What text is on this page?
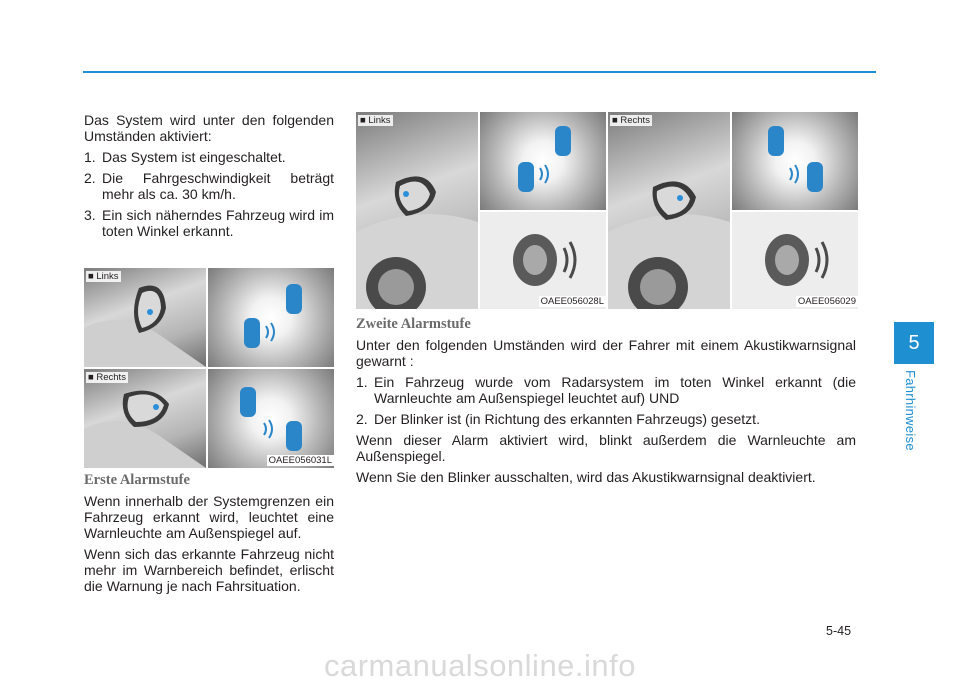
5
Fahrhinweise

Das System wird unter den folgenden Umständen aktiviert:

1. Das System ist eingeschaltet.
2. Die Fahrgeschwindigkeit beträgt mehr als ca. 30 km/h.
3. Ein sich näherndes Fahrzeug wird im toten Winkel erkannt.
■ Links
■ Rechts
OAEE056031L
Erste Alarmstufe

Wenn innerhalb der Systemgrenzen ein Fahrzeug erkannt wird, leuchtet eine Warnleuchte am Außenspiegel auf.

Wenn sich das erkannte Fahrzeug nicht mehr im Warnbereich befindet, erlischt die Warnung je nach Fahrsituation.

■ Links
OAEE056028L
■ Rechts
OAEE056029
Zweite Alarmstufe

Unter den folgenden Umständen wird der Fahrer mit einem Akustikwarnsignal gewarnt :

1. Ein Fahrzeug wurde vom Radarsystem im toten Winkel erkannt (die Warnleuchte am Außenspiegel leuchtet auf) UND
2. Der Blinker ist (in Richtung des erkannten Fahrzeugs) gesetzt.

Wenn dieser Alarm aktiviert wird, blinkt außerdem die Warnleuchte am Außenspiegel.

Wenn Sie den Blinker ausschalten, wird das Akustikwarnsignal deaktiviert.

5-45
carmanualsonline.info
